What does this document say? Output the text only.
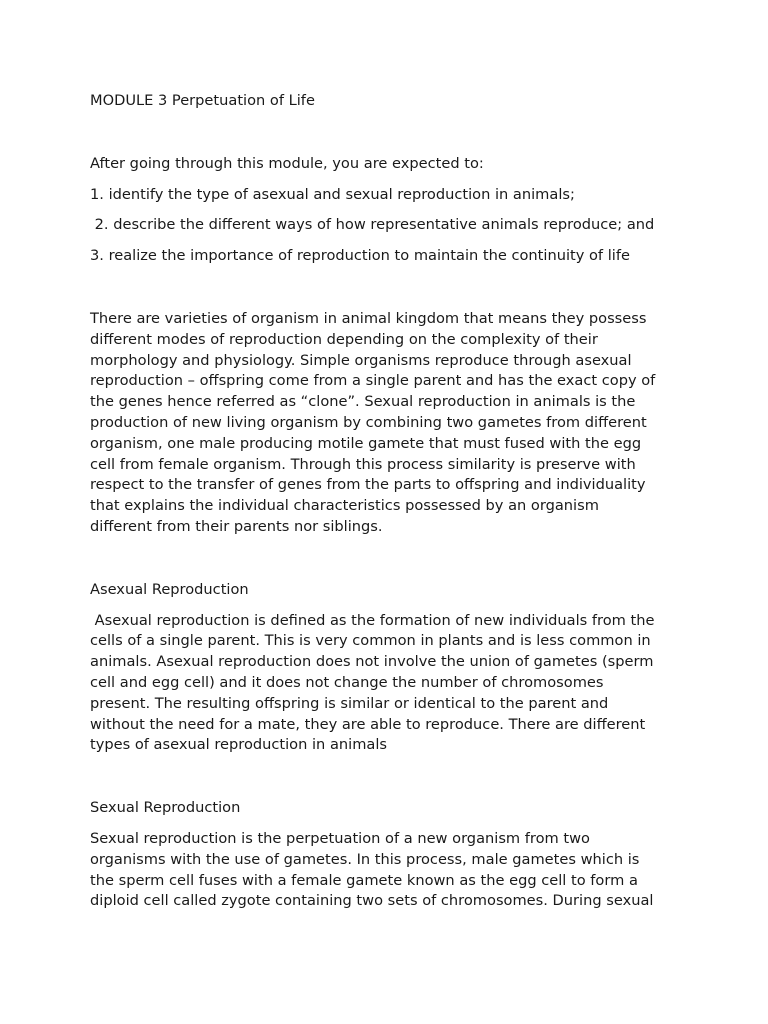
MODULE 3 Perpetuation of Life
After going through this module, you are expected to:
1. identify the type of asexual and sexual reproduction in animals;
2. describe the different ways of how representative animals reproduce; and
3. realize the importance of reproduction to maintain the continuity of life
There are varieties of organism in animal kingdom that means they possess
different modes of reproduction depending on the complexity of their
morphology and physiology. Simple organisms reproduce through asexual
reproduction – offspring come from a single parent and has the exact copy of
the genes hence referred as “clone”. Sexual reproduction in animals is the
production of new living organism by combining two gametes from different
organism, one male producing motile gamete that must fused with the egg
cell from female organism. Through this process similarity is preserve with
respect to the transfer of genes from the parts to offspring and individuality
that explains the individual characteristics possessed by an organism
different from their parents nor siblings.
Asexual Reproduction
Asexual reproduction is defined as the formation of new individuals from the
cells of a single parent. This is very common in plants and is less common in
animals. Asexual reproduction does not involve the union of gametes (sperm
cell and egg cell) and it does not change the number of chromosomes
present. The resulting offspring is similar or identical to the parent and
without the need for a mate, they are able to reproduce. There are different
types of asexual reproduction in animals
Sexual Reproduction
Sexual reproduction is the perpetuation of a new organism from two
organisms with the use of gametes. In this process, male gametes which is
the sperm cell fuses with a female gamete known as the egg cell to form a
diploid cell called zygote containing two sets of chromosomes. During sexual
